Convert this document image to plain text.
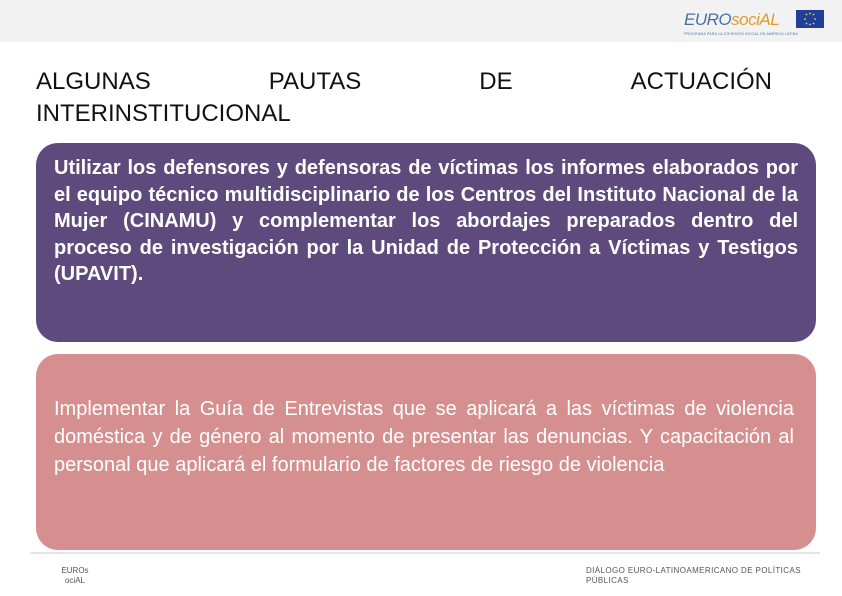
EUROsociAL
PROGRAMA PARA LA COHESIÓN SOCIAL EN AMÉRICA LATINA
ALGUNAS	PAUTAS	DE	ACTUACIÓN
INTERINSTITUCIONAL

Utilizar los defensores y defensoras de víctimas los informes elaborados por el equipo técnico multidisciplinario de los Centros del Instituto Nacional de la Mujer (CINAMU) y complementar los abordajes preparados dentro del proceso de investigación por la Unidad de Protección a Víctimas y Testigos (UPAVIT).

Implementar la Guía de Entrevistas que se aplicará a las víctimas de violencia doméstica y de género al momento de presentar las denuncias. Y capacitación al personal que aplicará el formulario de factores de riesgo de violencia

EUROsociAL
DIÁLOGO EURO-LATINOAMERICANO DE POLÍTICAS PÚBLICAS
